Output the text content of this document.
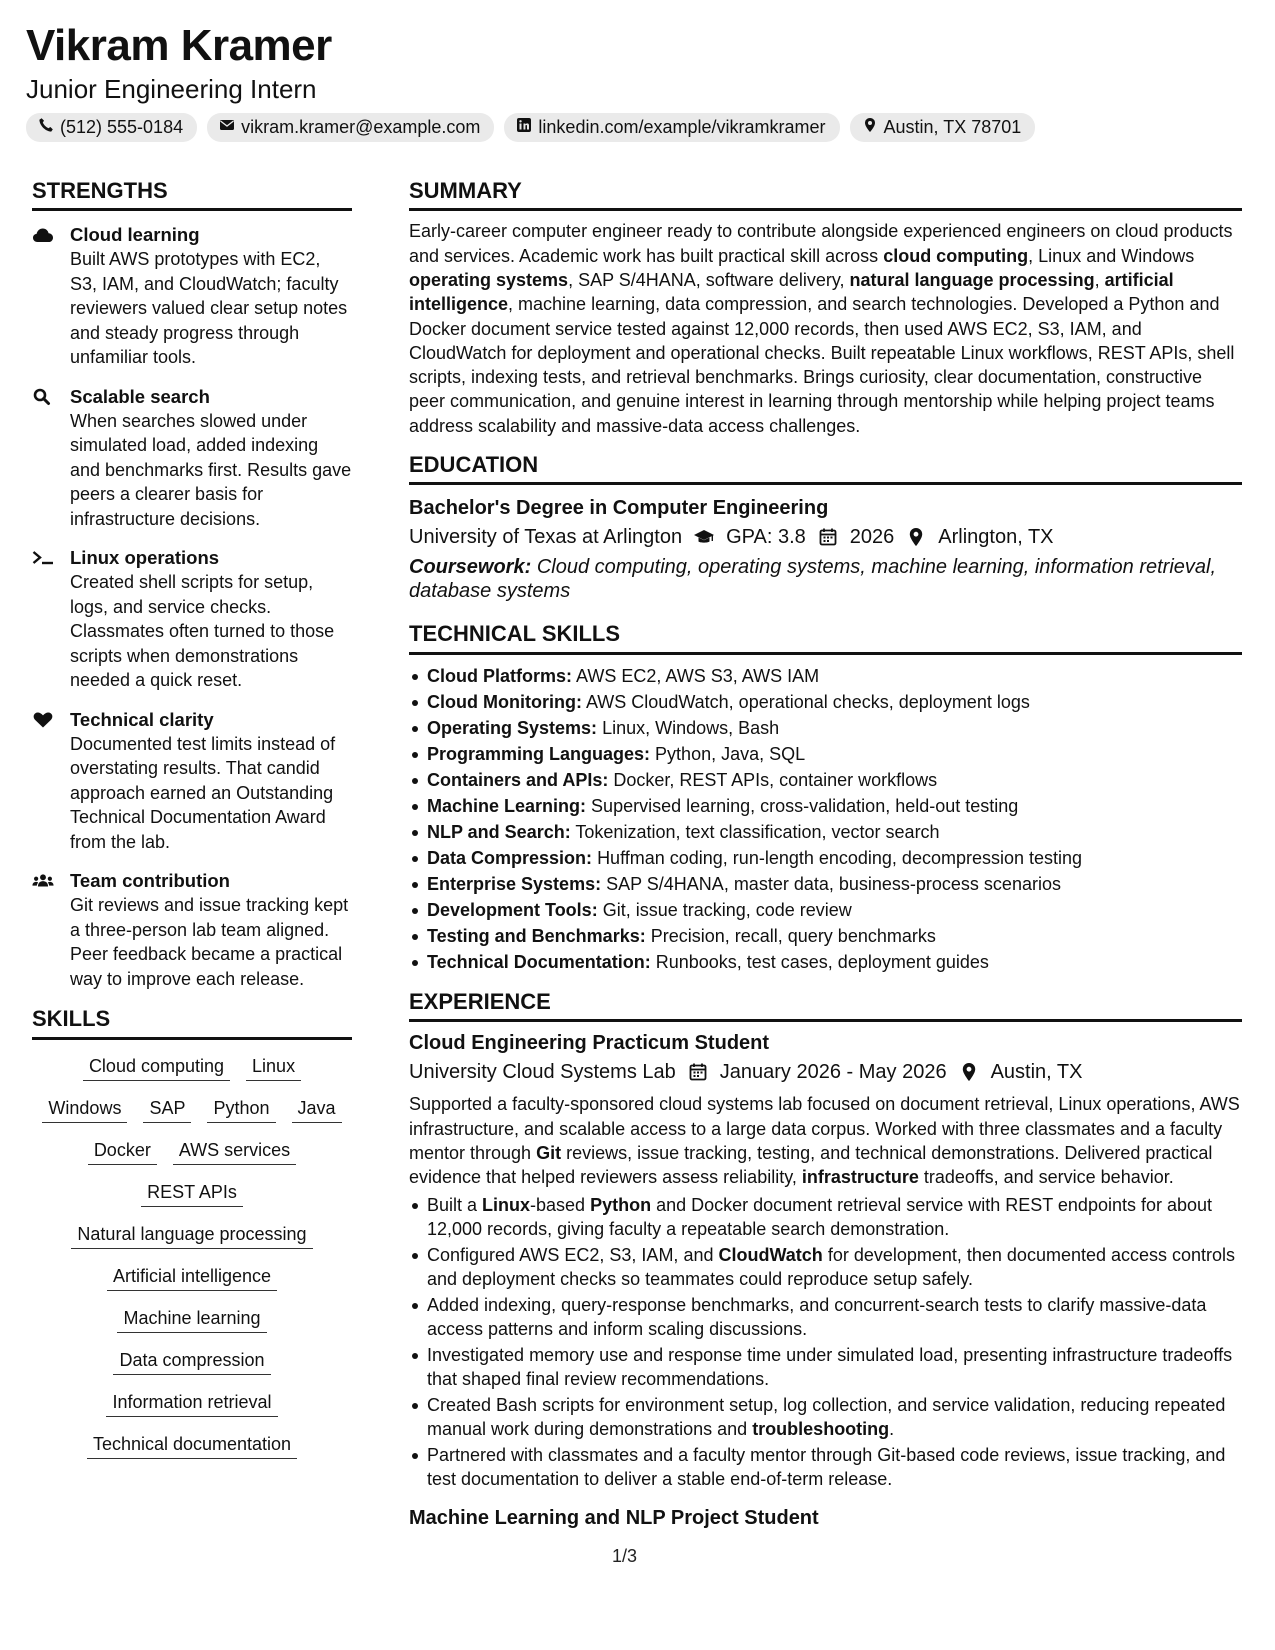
Vikram Kramer
Junior Engineering Intern
(512) 555-0184	vikram.kramer@example.com	linkedin.com/example/vikramkramer	Austin, TX 78701
STRENGTHS
Cloud learning
Built AWS prototypes with EC2, S3, IAM, and CloudWatch; faculty reviewers valued clear setup notes and steady progress through unfamiliar tools.
Scalable search
When searches slowed under simulated load, added indexing and benchmarks first. Results gave peers a clearer basis for infrastructure decisions.
Linux operations
Created shell scripts for setup, logs, and service checks. Classmates often turned to those scripts when demonstrations needed a quick reset.
Technical clarity
Documented test limits instead of overstating results. That candid approach earned an Outstanding Technical Documentation Award from the lab.
Team contribution
Git reviews and issue tracking kept a three-person lab team aligned. Peer feedback became a practical way to improve each release.
SKILLS
Cloud computing	Linux
Windows	SAP	Python	Java
Docker	AWS services
REST APIs
Natural language processing
Artificial intelligence
Machine learning
Data compression
Information retrieval
Technical documentation
SUMMARY

Early-career computer engineer ready to contribute alongside experienced engineers on cloud products and services. Academic work has built practical skill across cloud computing, Linux and Windows operating systems, SAP S/4HANA, software delivery, natural language processing, artificial intelligence, machine learning, data compression, and search technologies. Developed a Python and Docker document service tested against 12,000 records, then used AWS EC2, S3, IAM, and CloudWatch for deployment and operational checks. Built repeatable Linux workflows, REST APIs, shell scripts, indexing tests, and retrieval benchmarks. Brings curiosity, clear documentation, constructive peer communication, and genuine interest in learning through mentorship while helping project teams address scalability and massive-data access challenges.

EDUCATION
Bachelor's Degree in Computer Engineering
University of Texas at Arlington GPA: 3.8 2026 Arlington, TX
Coursework: Cloud computing, operating systems, machine learning, information retrieval, database systems
TECHNICAL SKILLS
Cloud Platforms: AWS EC2, AWS S3, AWS IAM
Cloud Monitoring: AWS CloudWatch, operational checks, deployment logs
Operating Systems: Linux, Windows, Bash
Programming Languages: Python, Java, SQL
Containers and APIs: Docker, REST APIs, container workflows
Machine Learning: Supervised learning, cross-validation, held-out testing
NLP and Search: Tokenization, text classification, vector search
Data Compression: Huffman coding, run-length encoding, decompression testing
Enterprise Systems: SAP S/4HANA, master data, business-process scenarios
Development Tools: Git, issue tracking, code review
Testing and Benchmarks: Precision, recall, query benchmarks
Technical Documentation: Runbooks, test cases, deployment guides
EXPERIENCE
Cloud Engineering Practicum Student
University Cloud Systems Lab January 2026 - May 2026 Austin, TX

Supported a faculty-sponsored cloud systems lab focused on document retrieval, Linux operations, AWS infrastructure, and scalable access to a large data corpus. Worked with three classmates and a faculty mentor through Git reviews, issue tracking, testing, and technical demonstrations. Delivered practical evidence that helped reviewers assess reliability, infrastructure tradeoffs, and service behavior.

Built a Linux-based Python and Docker document retrieval service with REST endpoints for about 12,000 records, giving faculty a repeatable search demonstration.
Configured AWS EC2, S3, IAM, and CloudWatch for development, then documented access controls and deployment checks so teammates could reproduce setup safely.
Added indexing, query-response benchmarks, and concurrent-search tests to clarify massive-data access patterns and inform scaling discussions.
Investigated memory use and response time under simulated load, presenting infrastructure tradeoffs that shaped final review recommendations.
Created Bash scripts for environment setup, log collection, and service validation, reducing repeated manual work during demonstrations and troubleshooting.
Partnered with classmates and a faculty mentor through Git-based code reviews, issue tracking, and test documentation to deliver a stable end-of-term release.
Machine Learning and NLP Project Student
1/3
